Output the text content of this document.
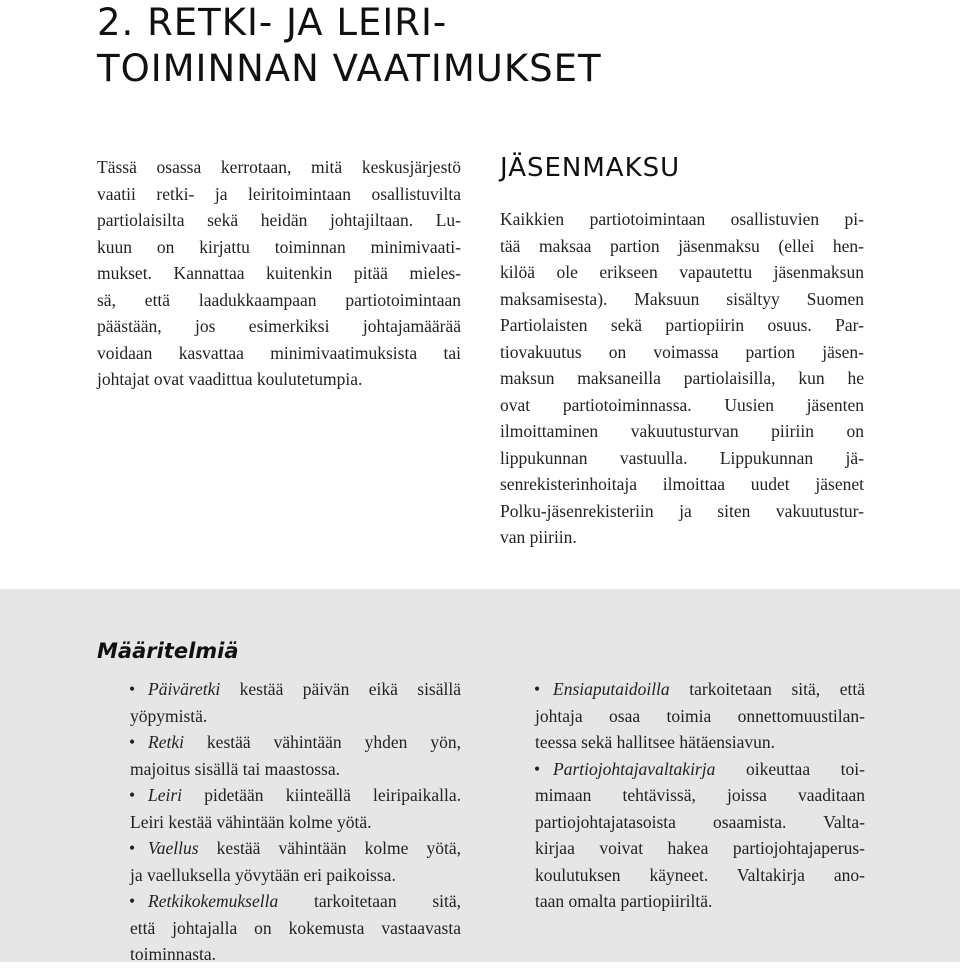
2. RETKI- JA LEIRI-
TOIMINNAN VAATIMUKSET
Tässä osassa kerrotaan, mitä keskusjärjestö
vaatii retki- ja leiritoimintaan osallistuvilta
partiolaisilta sekä heidän johtajiltaan. Lu-
kuun on kirjattu toiminnan minimivaati-
mukset. Kannattaa kuitenkin pitää mieles-
sä, että laadukkaampaan partiotoimintaan
päästään, jos esimerkiksi johtajamäärää
voidaan kasvattaa minimivaatimuksista tai
johtajat ovat vaadittua koulutetumpia.
JÄSENMAKSU
Kaikkien partiotoimintaan osallistuvien pi-
tää maksaa partion jäsenmaksu (ellei hen-
kilöä ole erikseen vapautettu jäsenmaksun
maksamisesta). Maksuun sisältyy Suomen
Partiolaisten sekä partiopiirin osuus. Par-
tiovakuutus on voimassa partion jäsen-
maksun maksaneilla partiolaisilla, kun he
ovat partiotoiminnassa. Uusien jäsenten
ilmoittaminen vakuutusturvan piiriin on
lippukunnan vastuulla. Lippukunnan jä-
senrekisterinhoitaja ilmoittaa uudet jäsenet
Polku-jäsenrekisteriin ja siten vakuutustur-
van piiriin.
Määritelmiä
• Päiväretki kestää päivän eikä sisällä
yöpymistä.
• Retki kestää vähintään yhden yön,
majoitus sisällä tai maastossa.
• Leiri pidetään kiinteällä leiripaikalla.
Leiri kestää vähintään kolme yötä.
• Vaellus kestää vähintään kolme yötä,
ja vaelluksella yövytään eri paikoissa.
• Retkikokemuksella tarkoitetaan sitä,
että johtajalla on kokemusta vastaavasta
toiminnasta.
• Ensiaputaidoilla tarkoitetaan sitä, että
johtaja osaa toimia onnettomuustilan-
teessa sekä hallitsee hätäensiavun.
• Partiojohtajavaltakirja oikeuttaa toi-
mimaan tehtävissä, joissa vaaditaan
partiojohtajatasoista osaamista. Valta-
kirjaa voivat hakea partiojohtajaperus-
koulutuksen käyneet. Valtakirja ano-
taan omalta partiopiiriltä.
